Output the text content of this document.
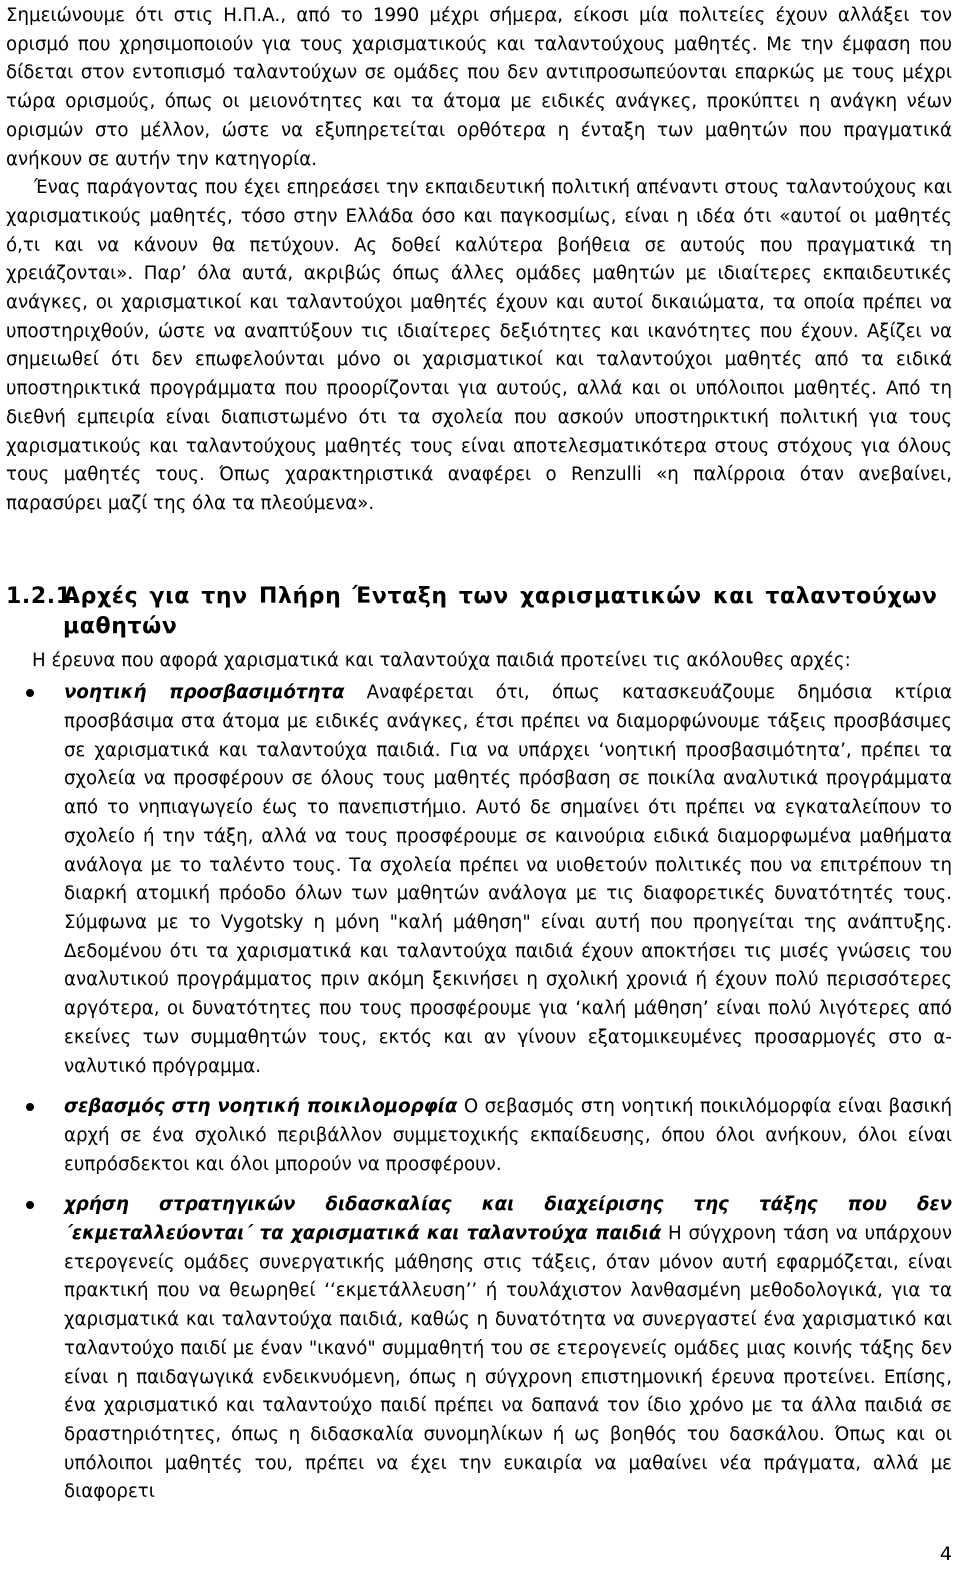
Σημειώνουμε ότι στις Η.Π.Α., από το 1990 μέχρι σήμερα, είκοσι μία πολιτείες έχουν αλλάξει τον ορισμό που χρησιμοποιούν για τους χαρισματικούς και ταλαντούχους μαθητές. Με την έμφαση που δίδεται στον εντοπισμό ταλαντούχων σε ομάδες που δεν αντιπροσωπεύονται επαρκώς με τους μέχρι τώρα ορισμούς, όπως οι μειονότητες και τα άτομα με ειδικές ανάγκες, προκύπτει η ανάγκη νέων ορισμών στο μέλλον, ώστε να εξυπηρετείται ορθότερα η ένταξη των μαθητών που πραγματικά ανήκουν σε αυτήν την κατηγορία.

Ένας παράγοντας που έχει επηρεάσει την εκπαιδευτική πολιτική απέναντι στους ταλαντούχους και χαρισματικούς μαθητές, τόσο στην Ελλάδα όσο και παγκοσμίως, είναι η ιδέα ότι «αυτοί οι μαθητές ό,τι και να κάνουν θα πετύχουν. Ας δοθεί καλύτερα βοήθεια σε αυτούς που πραγματικά τη χρειάζονται». Παρ’ όλα αυτά, ακριβώς όπως άλλες ομάδες μαθητών με ιδιαίτερες εκπαιδευτικές ανάγκες, οι χαρισματικοί και ταλαντούχοι μαθητές έχουν και αυτοί δικαιώματα, τα οποία πρέπει να υποστηριχθούν, ώστε να αναπτύξουν τις ιδιαίτερες δεξιότητες και ικανότητες που έχουν. Αξίζει να σημειωθεί ότι δεν επωφελούνται μόνο οι χαρισματικοί και ταλαντούχοι μαθητές από τα ειδικά υποστηρικτικά προγράμματα που προορίζονται για αυτούς, αλλά και οι υπόλοιποι μαθητές. Από τη διεθνή εμπειρία είναι διαπιστωμένο ότι τα σχολεία που ασκούν υποστηρικτική πολιτική για τους χαρισματικούς και ταλαντούχους μαθητές τους είναι αποτελεσματικότερα στους στόχους για όλους τους μαθητές τους. Όπως χαρακτηριστικά αναφέρει ο Renzulli «η παλίρροια όταν ανεβαίνει, παρασύρει μαζί της όλα τα πλεούμενα».

1.2.1.Αρχές για την Πλήρη Ένταξη των χαρισματικών και ταλαντούχων μαθητών

Η έρευνα που αφορά χαρισματικά και ταλαντούχα παιδιά προτείνει τις ακόλουθες αρχές:

νοητική προσβασιμότητα Αναφέρεται ότι, όπως κατασκευάζουμε δημόσια κτίρια προσβάσιμα στα άτομα με ειδικές ανάγκες, έτσι πρέπει να διαμορφώνουμε τάξεις προσβάσιμες σε χαρισματικά και ταλαντούχα παιδιά. Για να υπάρχει ‘νοητική προσβασιμότητα’, πρέπει τα σχολεία να προσφέρουν σε όλους τους μαθητές πρόσβαση σε ποικίλα αναλυτικά προγράμματα από το νηπιαγωγείο έως το πανεπιστήμιο. Αυτό δε σημαίνει ότι πρέπει να εγκαταλείπουν το σχολείο ή την τάξη, αλλά να τους προσφέρουμε σε καινούρια ειδικά διαμορφωμένα μαθήματα ανάλογα με το ταλέντο τους. Τα σχολεία πρέπει να υιοθετούν πολιτικές που να επιτρέπουν τη διαρκή ατομική πρόοδο όλων των μαθητών ανάλογα με τις διαφορετικές δυνατότητές τους. Σύμφωνα με το Vygotsky η μόνη "καλή μάθηση" είναι αυτή που προηγείται της ανάπτυξης. Δεδομένου ότι τα χαρισματικά και ταλαντούχα παιδιά έχουν αποκτήσει τις μισές γνώσεις του αναλυτικού προγράμματος πριν ακόμη ξεκινήσει η σχολική χρονιά ή έχουν πολύ περισσότερες αργότερα, οι δυνατότητες που τους προσφέρουμε για ‘καλή μάθηση’ είναι πολύ λιγότερες από εκείνες των συμμαθητών τους, εκτός και αν γίνουν εξατομικευμένες προσαρμογές στο αναλυτικό πρόγραμμα.
σεβασμός στη νοητική ποικιλομορφία Ο σεβασμός στη νοητική ποικιλόμορφία είναι βασική αρχή σε ένα σχολικό περιβάλλον συμμετοχικής εκπαίδευσης, όπου όλοι ανήκουν, όλοι είναι ευπρόσδεκτοι και όλοι μπορούν να προσφέρουν.
χρήση στρατηγικών διδασκαλίας και διαχείρισης της τάξης που δεν ΄εκμεταλλεύονται΄ τα χαρισματικά και ταλαντούχα παιδιά Η σύγχρονη τάση να υπάρχουν ετερογενείς ομάδες συνεργατικής μάθησης στις τάξεις, όταν μόνον αυτή εφαρμόζεται, είναι πρακτική που να θεωρηθεί ‘‘εκμετάλλευση’’ ή τουλάχιστον λανθασμένη μεθοδολογικά, για τα χαρισματικά και ταλαντούχα παιδιά, καθώς η δυνατότητα να συνεργαστεί ένα χαρισματικό και ταλαντούχο παιδί με έναν "ικανό" συμμαθητή του σε ετερογενείς ομάδες μιας κοινής τάξης δεν είναι η παιδαγωγικά ενδεικνυόμενη, όπως η σύγχρονη επιστημονική έρευνα προτείνει. Επίσης, ένα χαρισματικό και ταλαντούχο παιδί πρέπει να δαπανά τον ίδιο χρόνο με τα άλλα παιδιά σε δραστηριότητες, όπως η διδασκαλία συνομηλίκων ή ως βοηθός του δασκάλου. Όπως και οι υπόλοιποι μαθητές του, πρέπει να έχει την ευκαιρία να μαθαίνει νέα πράγματα, αλλά με διαφορετι
4
